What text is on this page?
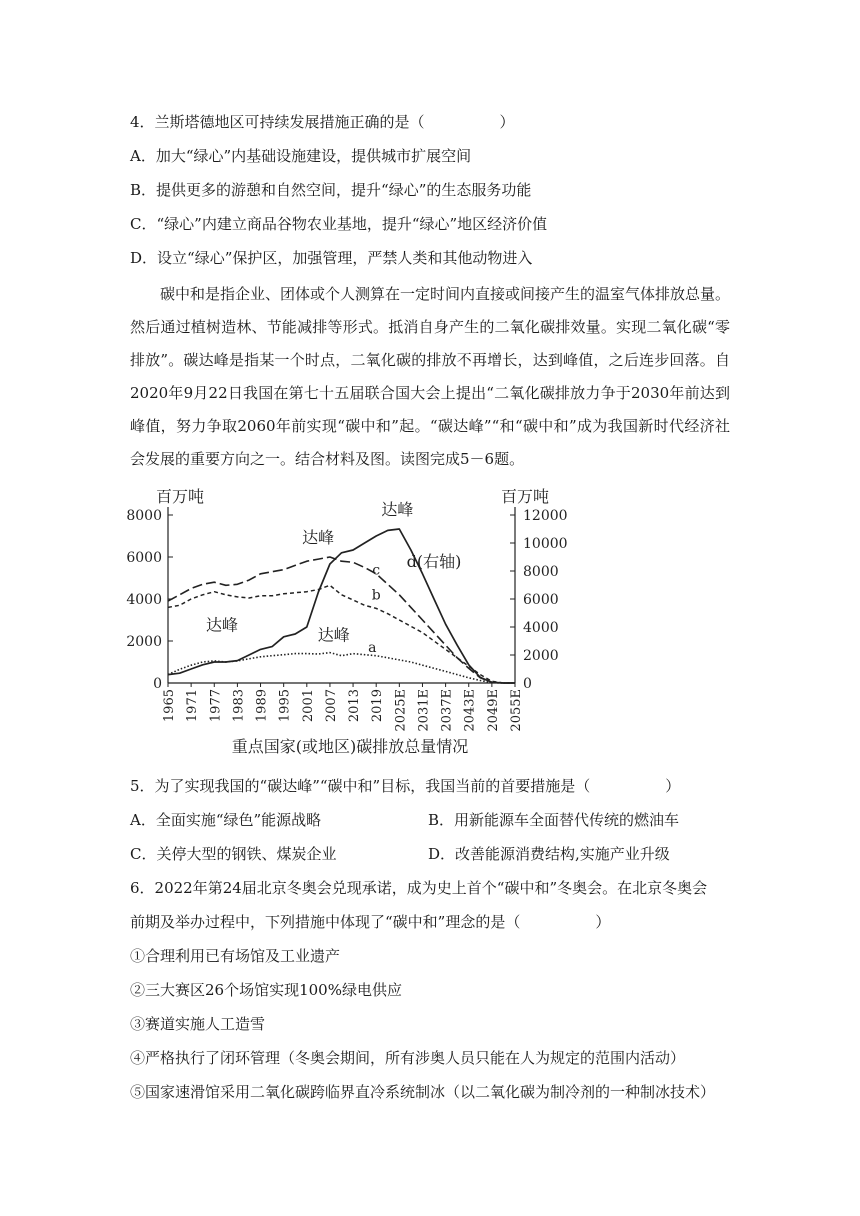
4．兰斯塔德地区可持续发展措施正确的是（　　　　　）
A．加大“绿心”内基础设施建设，提供城市扩展空间
B．提供更多的游憩和自然空间，提升“绿心”的生态服务功能
C．“绿心”内建立商品谷物农业基地，提升“绿心”地区经济价值
D．设立“绿心”保护区，加强管理，严禁人类和其他动物进入
碳中和是指企业、团体或个人测算在一定时间内直接或间接产生的温室气体排放总量。然后通过植树造林、节能减排等形式。抵消自身产生的二氧化碳排效量。实现二氧化碳“零排放”。碳达峰是指某一个时点，二氧化碳的排放不再增长，达到峰值，之后连步回落。自2020年9月22日我国在第七十五届联合国大会上提出“二氧化碳排放力争于2030年前达到峰值，努力争取2060年前实现“碳中和”起。“碳达峰”“和“碳中和”成为我国新时代经济社会发展的重要方向之一。结合材料及图。读图完成5－6题。
百万吨	百万吨
0
2000
4000
6000
8000
0
2000
4000
6000
8000
10000
12000
1965 1971 1977 1983 1989 1995 2001 2007 2013 2019 2025E 2031E 2037E 2043E 2049E 2055E
达峰
达峰
达峰
达峰
a
b
c d(右轴)
重点国家(或地区)碳排放总量情况
5．为了实现我国的“碳达峰”“碳中和”目标，我国当前的首要措施是（　　　　　）
A．全面实施“绿色”能源战略	B．用新能源车全面替代传统的燃油车
C．关停大型的钢铁、煤炭企业	D．改善能源消费结构,实施产业升级
6．2022年第24届北京冬奥会兑现承诺，成为史上首个“碳中和”冬奥会。在北京冬奥会
前期及举办过程中，下列措施中体现了“碳中和”理念的是（　　　　　）
①合理利用已有场馆及工业遗产
②三大赛区26个场馆实现100%绿电供应
③赛道实施人工造雪
④严格执行了闭环管理（冬奥会期间，所有涉奥人员只能在人为规定的范围内活动）
⑤国家速滑馆采用二氧化碳跨临界直冷系统制冰（以二氧化碳为制冷剂的一种制冰技术）
